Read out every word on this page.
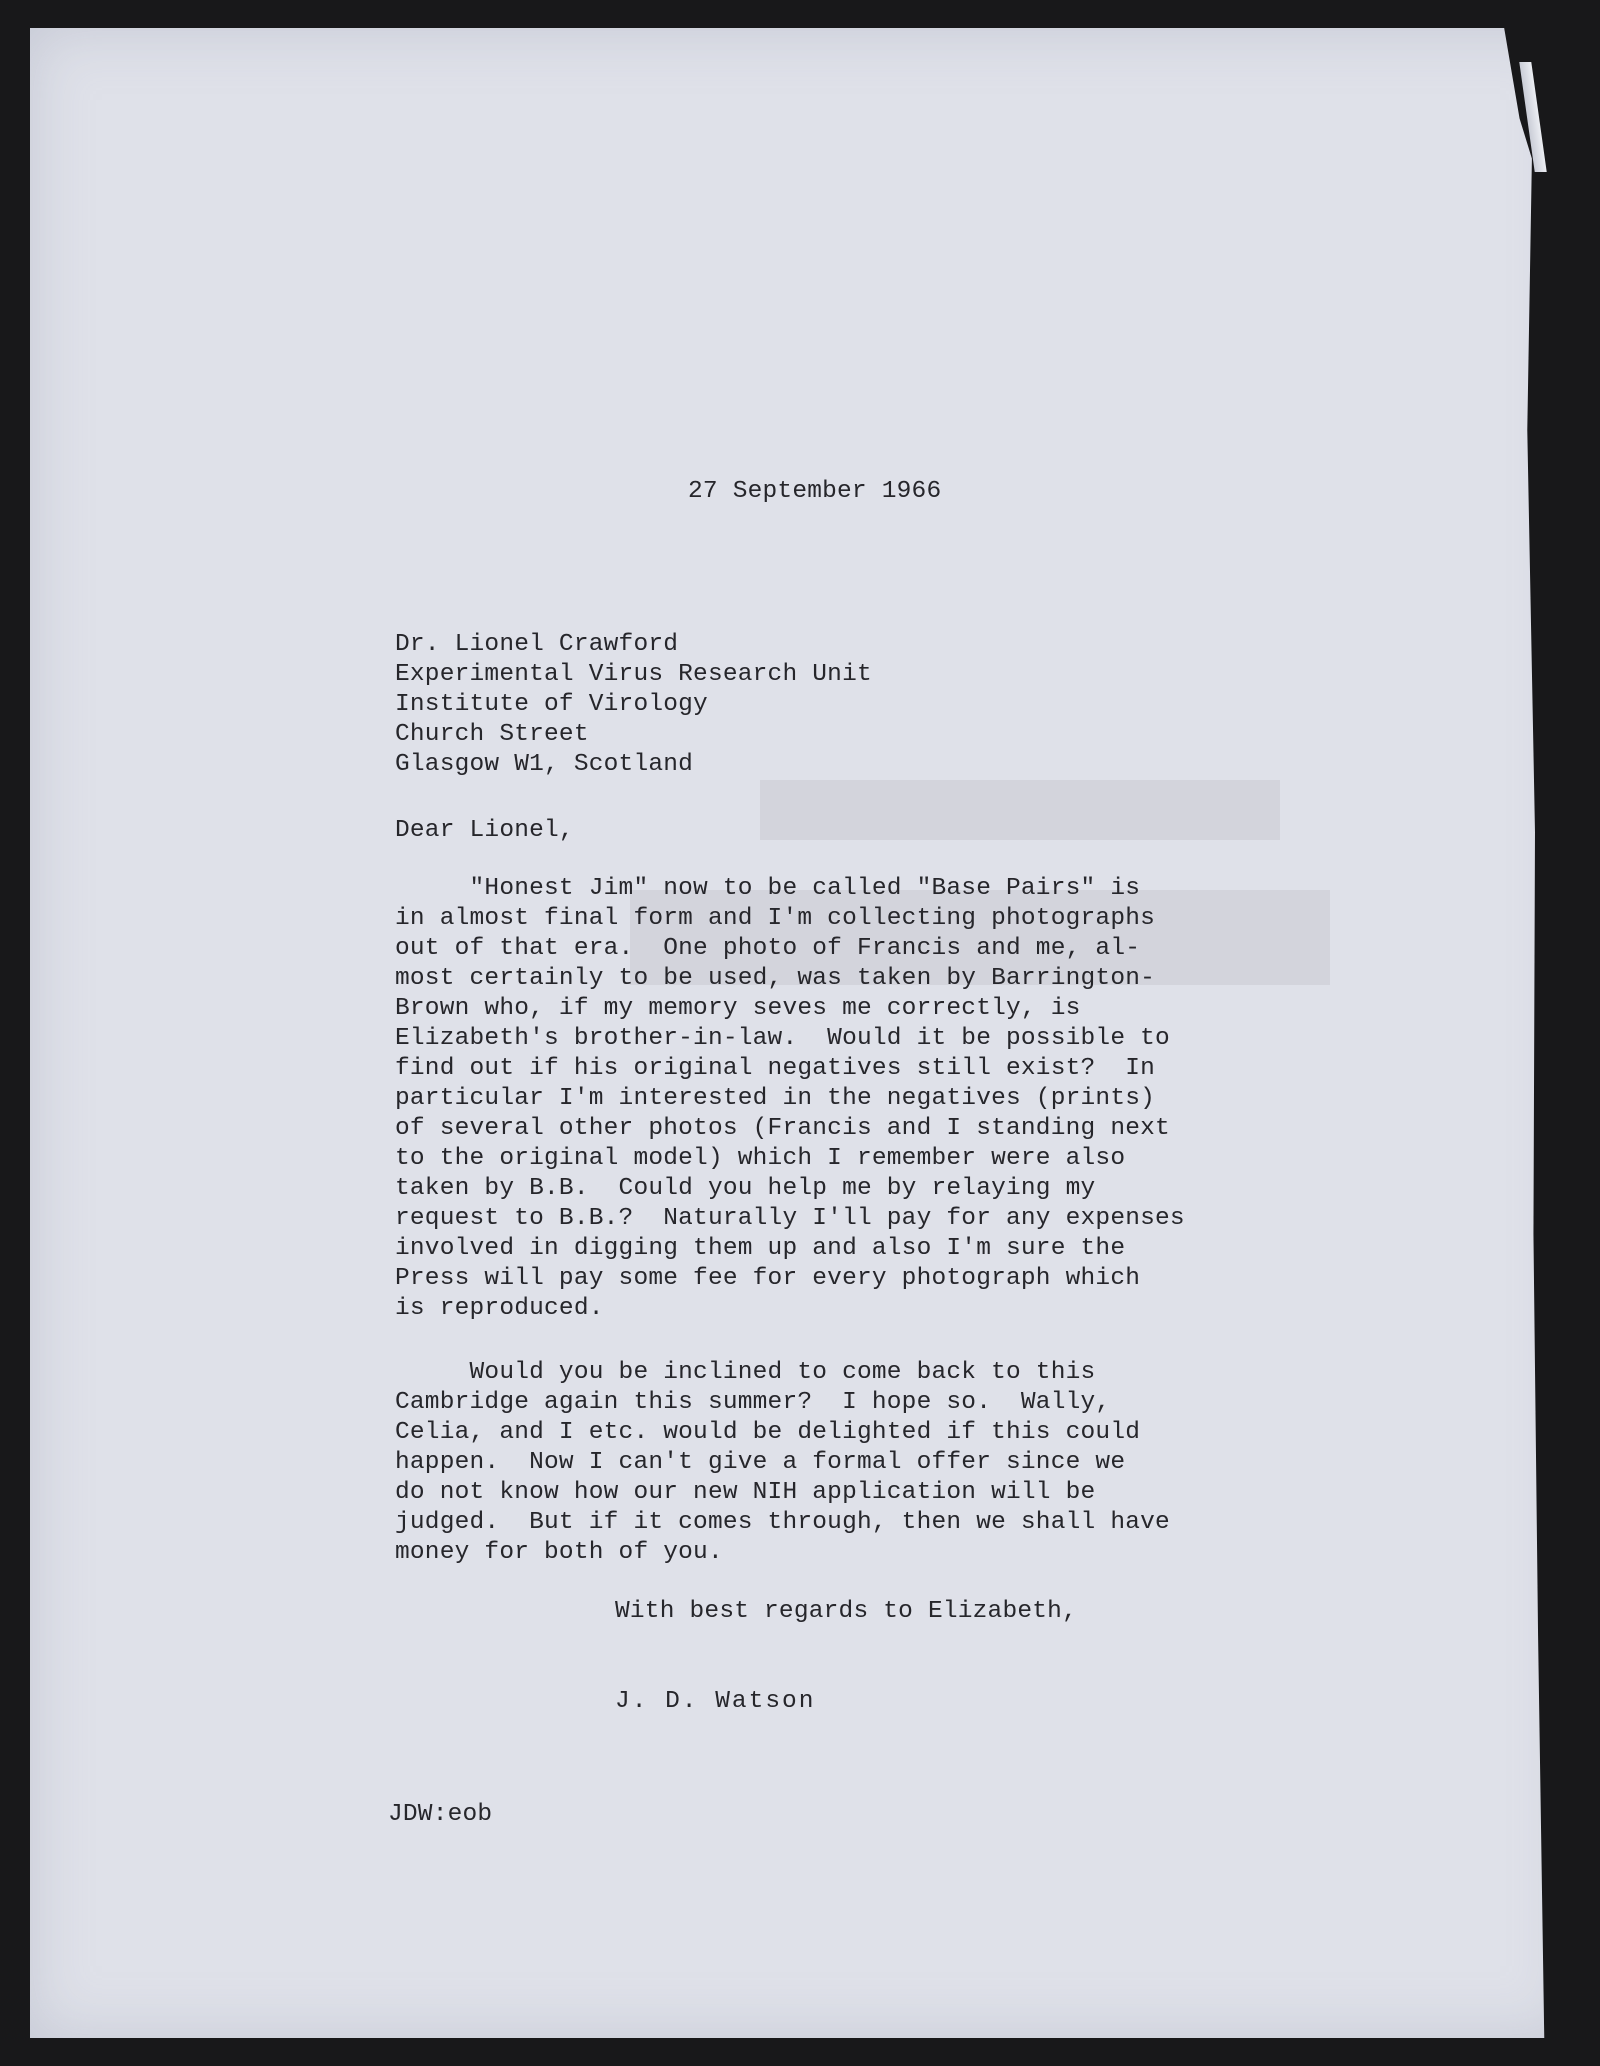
27 September 1966
Dr. Lionel Crawford
Experimental Virus Research Unit
Institute of Virology
Church Street
Glasgow W1, Scotland
Dear Lionel,
"Honest Jim" now to be called "Base Pairs" is
in almost final form and I'm collecting photographs
out of that era.  One photo of Francis and me, al-
most certainly to be used, was taken by Barrington-
Brown who, if my memory seves me correctly, is
Elizabeth's brother-in-law.  Would it be possible to
find out if his original negatives still exist?  In
particular I'm interested in the negatives (prints)
of several other photos (Francis and I standing next
to the original model) which I remember were also
taken by B.B.  Could you help me by relaying my
request to B.B.?  Naturally I'll pay for any expenses
involved in digging them up and also I'm sure the
Press will pay some fee for every photograph which
is reproduced.
Would you be inclined to come back to this
Cambridge again this summer?  I hope so.  Wally,
Celia, and I etc. would be delighted if this could
happen.  Now I can't give a formal offer since we
do not know how our new NIH application will be
judged.  But if it comes through, then we shall have
money for both of you.
With best regards to Elizabeth,
J. D. Watson
JDW:eob
